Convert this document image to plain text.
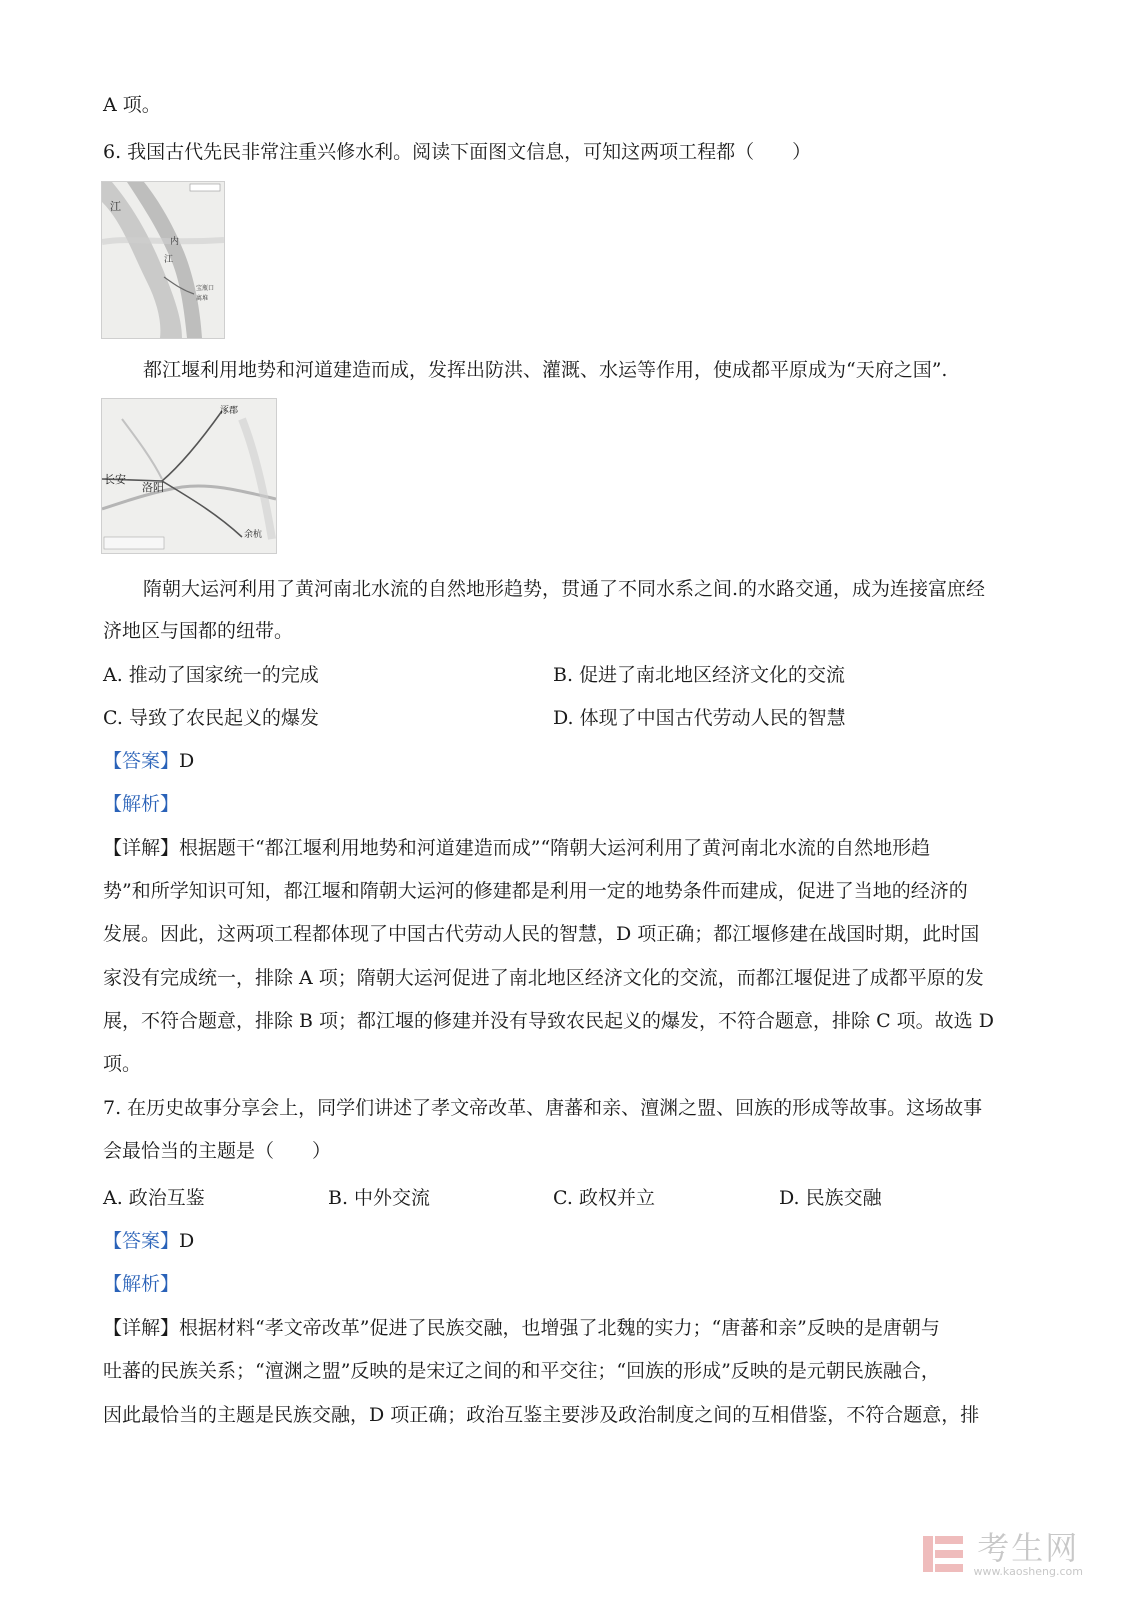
A 项。
6. 我国古代先民非常注重兴修水利。阅读下面图文信息，可知这两项工程都（　　）
江
内
江
宝瓶口
离堆
都江堰利用地势和河道建造而成，发挥出防洪、灌溉、水运等作用，使成都平原成为“天府之国”.
涿郡
长安
洛阳
余杭
隋朝大运河利用了黄河南北水流的自然地形趋势，贯通了不同水系之间.的水路交通，成为连接富庶经
济地区与国都的纽带。
A. 推动了国家统一的完成	B. 促进了南北地区经济文化的交流
C. 导致了农民起义的爆发	D. 体现了中国古代劳动人民的智慧
【答案】D
【解析】
【详解】根据题干“都江堰利用地势和河道建造而成”“隋朝大运河利用了黄河南北水流的自然地形趋
势”和所学知识可知，都江堰和隋朝大运河的修建都是利用一定的地势条件而建成，促进了当地的经济的
发展。因此，这两项工程都体现了中国古代劳动人民的智慧，D 项正确；都江堰修建在战国时期，此时国
家没有完成统一，排除 A 项；隋朝大运河促进了南北地区经济文化的交流，而都江堰促进了成都平原的发
展，不符合题意，排除 B 项；都江堰的修建并没有导致农民起义的爆发，不符合题意，排除 C 项。故选 D
项。
7. 在历史故事分享会上，同学们讲述了孝文帝改革、唐蕃和亲、澶渊之盟、回族的形成等故事。这场故事
会最恰当的主题是（　　）
A. 政治互鉴	B. 中外交流	C. 政权并立	D. 民族交融
【答案】D
【解析】
【详解】根据材料“孝文帝改革”促进了民族交融，也增强了北魏的实力；“唐蕃和亲”反映的是唐朝与
吐蕃的民族关系；“澶渊之盟”反映的是宋辽之间的和平交往；“回族的形成”反映的是元朝民族融合，
因此最恰当的主题是民族交融，D 项正确；政治互鉴主要涉及政治制度之间的互相借鉴，不符合题意，排
考生网
www.kaosheng.com
